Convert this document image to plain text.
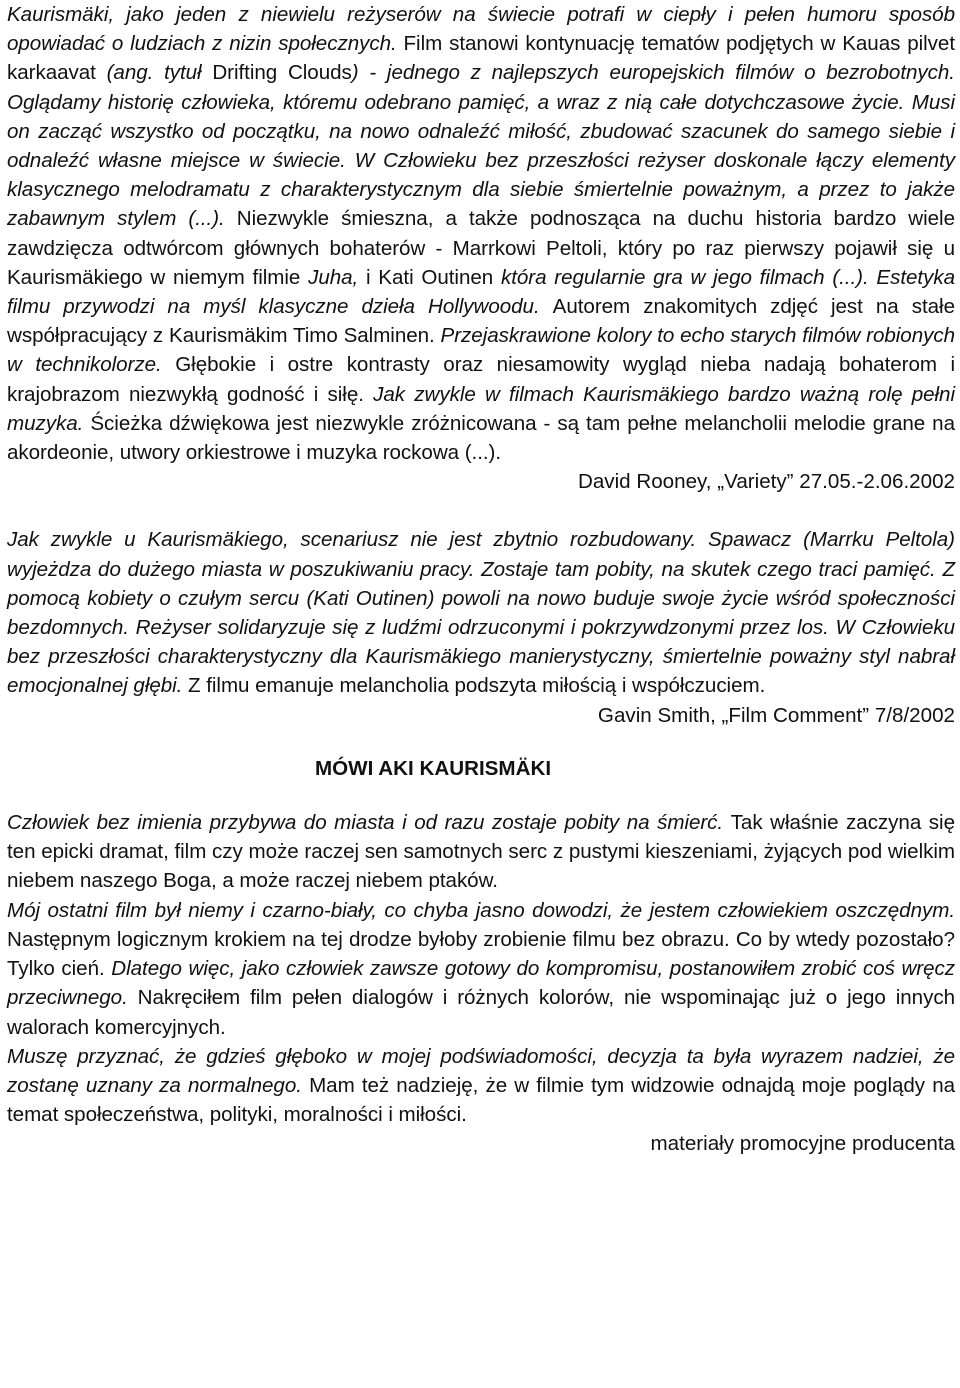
Kaurismäki, jako jeden z niewielu reżyserów na świecie potrafi w ciepły i pełen humoru sposób opowiadać o ludziach z nizin społecznych. Film stanowi kontynuację tematów podjętych w Kauas pilvet karkaavat (ang. tytuł Drifting Clouds) - jednego z najlepszych europejskich filmów o bezrobotnych. Oglądamy historię człowieka, któremu odebrano pamięć, a wraz z nią całe dotychczasowe życie. Musi on zacząć wszystko od początku, na nowo odnaleźć miłość, zbudować szacunek do samego siebie i odnaleźć własne miejsce w świecie. W Człowieku bez przeszłości reżyser doskonale łączy elementy klasycznego melodramatu z charakterystycznym dla siebie śmiertelnie poważnym, a przez to jakże zabawnym stylem (...). Niezwykle śmieszna, a także podnosząca na duchu historia bardzo wiele zawdzięcza odtwórcom głównych bohaterów - Marrkowi Peltoli, który po raz pierwszy pojawił się u Kaurismäkiego w niemym filmie Juha, i Kati Outinen która regularnie gra w jego filmach (...). Estetyka filmu przywodzi na myśl klasyczne dzieła Hollywoodu. Autorem znakomitych zdjęć jest na stałe współpracujący z Kaurismäkim Timo Salminen. Przejaskrawione kolory to echo starych filmów robionych w technikolorze. Głębokie i ostre kontrasty oraz niesamowity wygląd nieba nadają bohaterom i krajobrazom niezwykłą godność i siłę. Jak zwykle w filmach Kaurismäkiego bardzo ważną rolę pełni muzyka. Ścieżka dźwiękowa jest niezwykle zróżnicowana - są tam pełne melancholii melodie grane na akordeonie, utwory orkiestrowe i muzyka rockowa (...).

David Rooney, „Variety” 27.05.-2.06.2002

Jak zwykle u Kaurismäkiego, scenariusz nie jest zbytnio rozbudowany. Spawacz (Marrku Peltola) wyjeżdza do dużego miasta w poszukiwaniu pracy. Zostaje tam pobity, na skutek czego traci pamięć. Z pomocą kobiety o czułym sercu (Kati Outinen) powoli na nowo buduje swoje życie wśród społeczności bezdomnych. Reżyser solidaryzuje się z ludźmi odrzuconymi i pokrzywdzonymi przez los. W Człowieku bez przeszłości charakterystyczny dla Kaurismäkiego manierystyczny, śmiertelnie poważny styl nabrał emocjonalnej głębi. Z filmu emanuje melancholia podszyta miłością i współczuciem.

Gavin Smith, „Film Comment” 7/8/2002

MÓWI AKI KAURISMÄKI

Człowiek bez imienia przybywa do miasta i od razu zostaje pobity na śmierć. Tak właśnie zaczyna się ten epicki dramat, film czy może raczej sen samotnych serc z pustymi kieszeniami, żyjących pod wielkim niebem naszego Boga, a może raczej niebem ptaków.

Mój ostatni film był niemy i czarno-biały, co chyba jasno dowodzi, że jestem człowiekiem oszczędnym. Następnym logicznym krokiem na tej drodze byłoby zrobienie filmu bez obrazu. Co by wtedy pozostało? Tylko cień. Dlatego więc, jako człowiek zawsze gotowy do kompromisu, postanowiłem zrobić coś wręcz przeciwnego. Nakręciłem film pełen dialogów i różnych kolorów, nie wspominając już o jego innych walorach komercyjnych.

Muszę przyznać, że gdzieś głęboko w mojej podświadomości, decyzja ta była wyrazem nadziei, że zostanę uznany za normalnego. Mam też nadzieję, że w filmie tym widzowie odnajdą moje poglądy na temat społeczeństwa, polityki, moralności i miłości.

materiały promocyjne producenta
